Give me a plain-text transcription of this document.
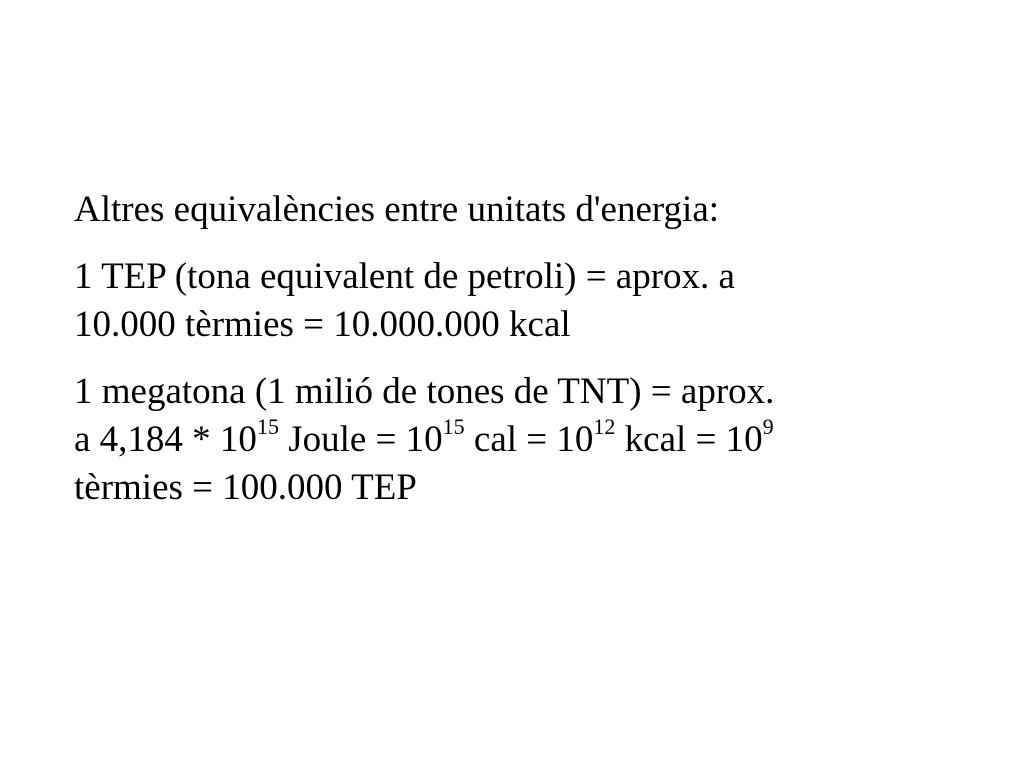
Altres equivalències entre unitats d'energia:

1 TEP (tona equivalent de petroli) = aprox. a
10.000 tèrmies = 10.000.000 kcal

1 megatona (1 milió de tones de TNT) = aprox.
a $4,184 * 10^{15}$ Joule = $10^{15}$ cal = $10^{12}$ kcal = $10^9$
tèrmies = 100.000 TEP
